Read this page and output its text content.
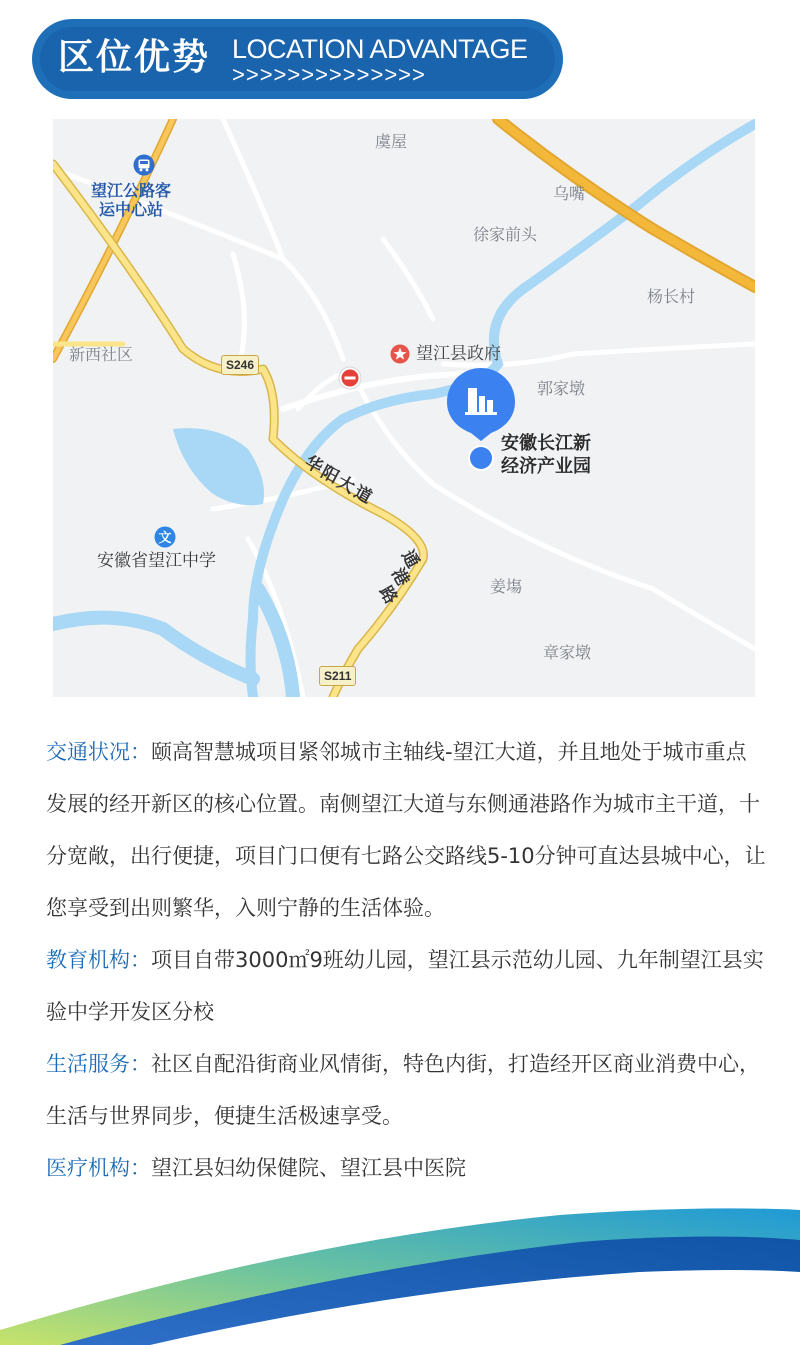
区位优势 LOCATION ADVANTAGE
>>>>>>>>>>>>>>
虞屋
乌嘴
徐家前头
杨长村
新西社区
郭家墩
姜塲
章家墩
望江公路客
运中心站
望江县政府
文
安徽省望江中学
S246
S211
华
阳
大
道
通
港
路
安徽长江新
经济产业园

交通状况：颐高智慧城项目紧邻城市主轴线-望江大道，并且地处于城市重点发展的经开新区的核心位置。南侧望江大道与东侧通港路作为城市主干道，十分宽敞，出行便捷，项目门口便有七路公交路线5-10分钟可直达县城中心，让您享受到出则繁华，入则宁静的生活体验。

教育机构：项目自带3000㎡9班幼儿园，望江县示范幼儿园、九年制望江县实验中学开发区分校

生活服务：社区自配沿街商业风情街，特色内街，打造经开区商业消费中心，生活与世界同步，便捷生活极速享受。

医疗机构：望江县妇幼保健院、望江县中医院
